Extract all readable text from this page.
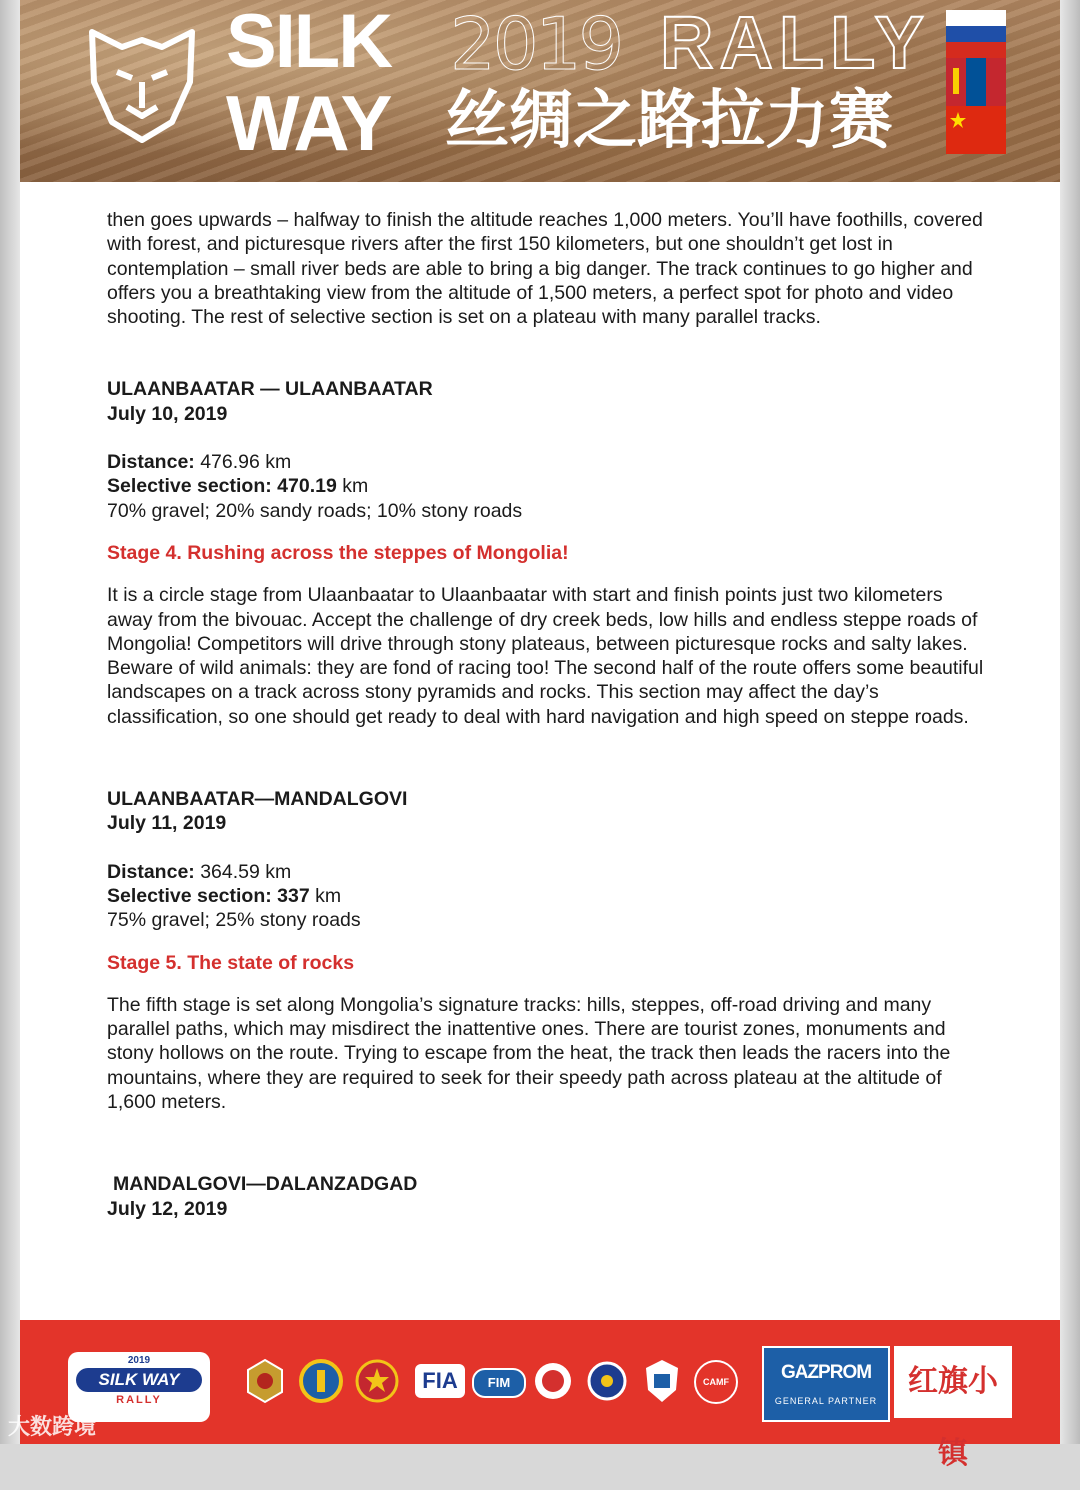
SILK 2019 RALLY
WAY 丝绸之路拉力赛

then goes upwards – halfway to finish the altitude reaches 1,000 meters. You’ll have foothills, covered with forest, and picturesque rivers after the first 150 kilometers, but one shouldn’t get lost in contemplation – small river beds are able to bring a big danger. The track continues to go higher and offers you a breathtaking view from the altitude of 1,500 meters, a perfect spot for photo and video shooting. The rest of selective section is set on a plateau with many parallel tracks.

ULAANBAATAR — ULAANBAATAR

July 10, 2019

Distance: 476.96 km

Selective section: 470.19 km

70% gravel; 20% sandy roads; 10% stony roads

Stage 4. Rushing across the steppes of Mongolia!

It is a circle stage from Ulaanbaatar to Ulaanbaatar with start and finish points just two kilometers away from the bivouac. Accept the challenge of dry creek beds, low hills and endless steppe roads of Mongolia! Competitors will drive through stony plateaus, between picturesque rocks and salty lakes. Beware of wild animals: they are fond of racing too! The second half of the route offers some beautiful landscapes on a track across stony pyramids and rocks. This section may affect the day’s classification, so one should get ready to deal with hard navigation and high speed on steppe roads.

ULAANBAATAR—MANDALGOVI

July 11, 2019

Distance: 364.59 km

Selective section: 337 km

75% gravel; 25% stony roads

Stage 5. The state of rocks

The fifth stage is set along Mongolia’s signature tracks: hills, steppes, off-road driving and many parallel paths, which may misdirect the inattentive ones. There are tourist zones, monuments and stony hollows on the route. Trying to escape from the heat, the track then leads the racers into the mountains, where they are required to seek for their speedy path across plateau at the altitude of 1,600 meters.

MANDALGOVI—DALANZADGAD

July 12, 2019

2019
SILK WAY
RALLY
FIA	FIM	CAMF	GAZPROM
GENERAL PARTNER
红旗小镇
大数跨境
